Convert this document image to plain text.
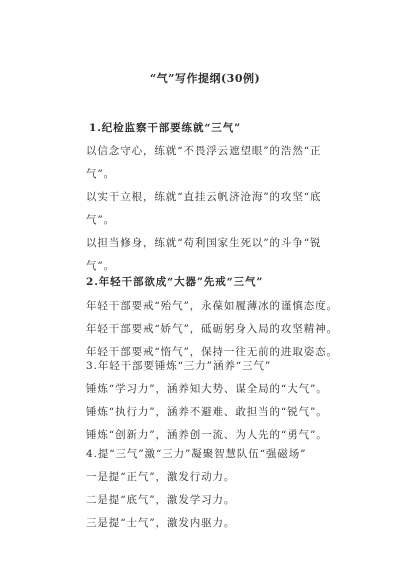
“气”写作提纲(30例)
1.纪检监察干部要练就“三气”
以信念守心，练就“不畏浮云遮望眼”的浩然“正
气”。
以实干立根，练就“直挂云帆济沧海”的攻坚“底
气”。
以担当修身，练就“苟利国家生死以”的斗争“锐
气”。
2.年轻干部欲成“大器”先戒“三气”
年轻干部要戒“殆气”，永葆如履薄冰的谨慎态度。
年轻干部要戒“娇气”，砥砺躬身入局的攻坚精神。
年轻干部要戒“惰气”，保持一往无前的进取姿态。
3.年轻干部要锤炼“三力”涵养“三气”
锤炼“学习力”，涵养知大势、谋全局的“大气”。
锤炼“执行力”，涵养不避难、敢担当的“锐气”。
锤炼“创新力”，涵养创一流、为人先的“勇气”。
4.提“三气”激“三力”凝聚智慧队伍“强磁场”
一是提“正气”，激发行动力。
二是提“底气”，激发学习力。
三是提“士气”，激发内驱力。
